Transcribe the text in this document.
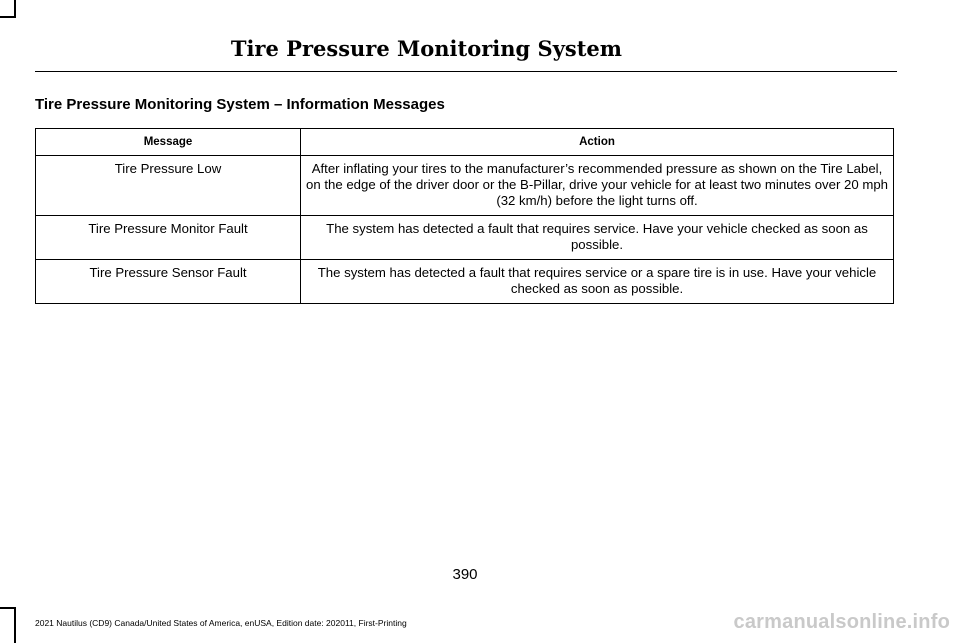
Tire Pressure Monitoring System
Tire Pressure Monitoring System – Information Messages
Message	Action
Tire Pressure Low	After inflating your tires to the manufacturer’s recommended pressure as shown on the Tire Label, on the edge of the driver door or the B-Pillar, drive your vehicle for at least two minutes over 20 mph (32 km/h) before the light turns off.
Tire Pressure Monitor Fault	The system has detected a fault that requires service. Have your vehicle checked as soon as possible.
Tire Pressure Sensor Fault	The system has detected a fault that requires service or a spare tire is in use. Have your vehicle checked as soon as possible.
390
2021 Nautilus (CD9) Canada/United States of America, enUSA, Edition date: 202011, First-Printing	carmanualsonline.info
